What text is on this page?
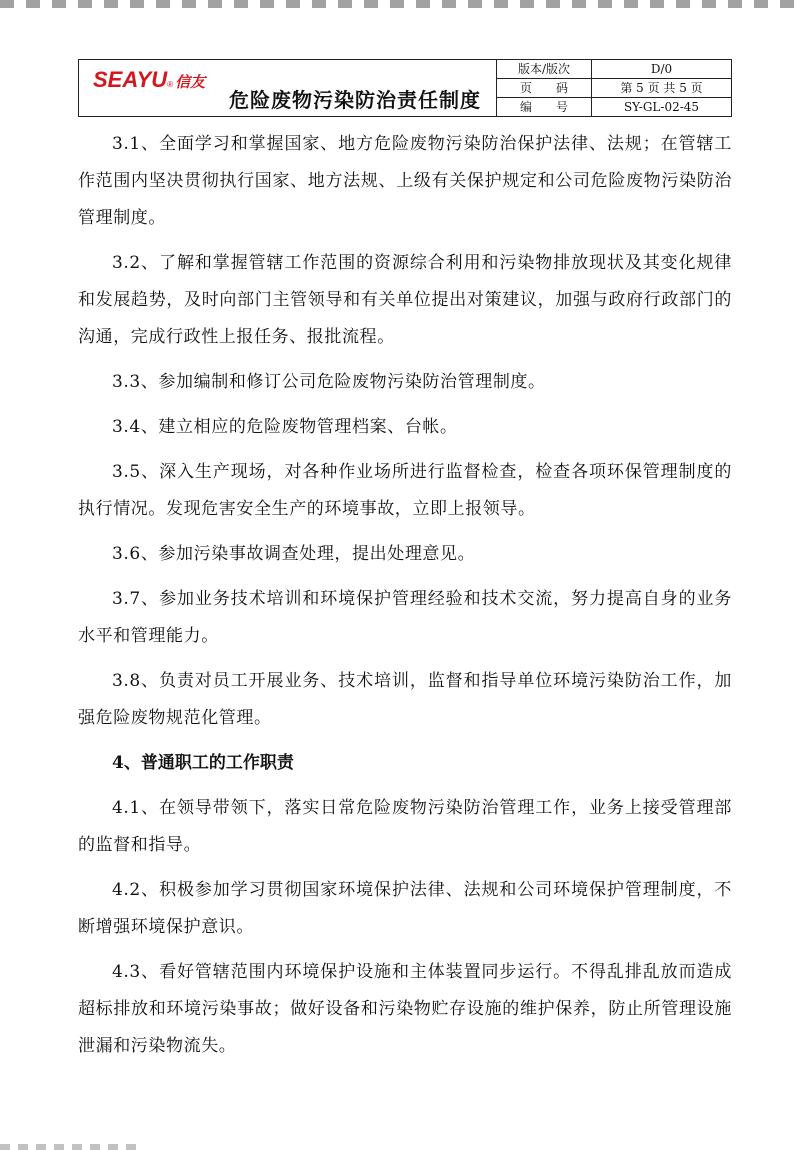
SEAYU ® 信友
危险废物污染防治责任制度
版本/版次	D/0
页　　码	第 5 页 共 5 页
编　　号	SY-GL-02-45

3.1、全面学习和掌握国家、地方危险废物污染防治保护法律、法规；在管辖工作范围内坚决贯彻执行国家、地方法规、上级有关保护规定和公司危险废物污染防治管理制度。

3.2、了解和掌握管辖工作范围的资源综合利用和污染物排放现状及其变化规律和发展趋势，及时向部门主管领导和有关单位提出对策建议，加强与政府行政部门的沟通，完成行政性上报任务、报批流程。

3.3、参加编制和修订公司危险废物污染防治管理制度。

3.4、建立相应的危险废物管理档案、台帐。

3.5、深入生产现场，对各种作业场所进行监督检查，检查各项环保管理制度的执行情况。发现危害安全生产的环境事故，立即上报领导。

3.6、参加污染事故调查处理，提出处理意见。

3.7、参加业务技术培训和环境保护管理经验和技术交流，努力提高自身的业务水平和管理能力。

3.8、负责对员工开展业务、技术培训，监督和指导单位环境污染防治工作，加强危险废物规范化管理。

4、普通职工的工作职责

4.1、在领导带领下，落实日常危险废物污染防治管理工作，业务上接受管理部的监督和指导。

4.2、积极参加学习贯彻国家环境保护法律、法规和公司环境保护管理制度，不断增强环境保护意识。

4.3、看好管辖范围内环境保护设施和主体装置同步运行。不得乱排乱放而造成超标排放和环境污染事故；做好设备和污染物贮存设施的维护保养，防止所管理设施泄漏和污染物流失。
